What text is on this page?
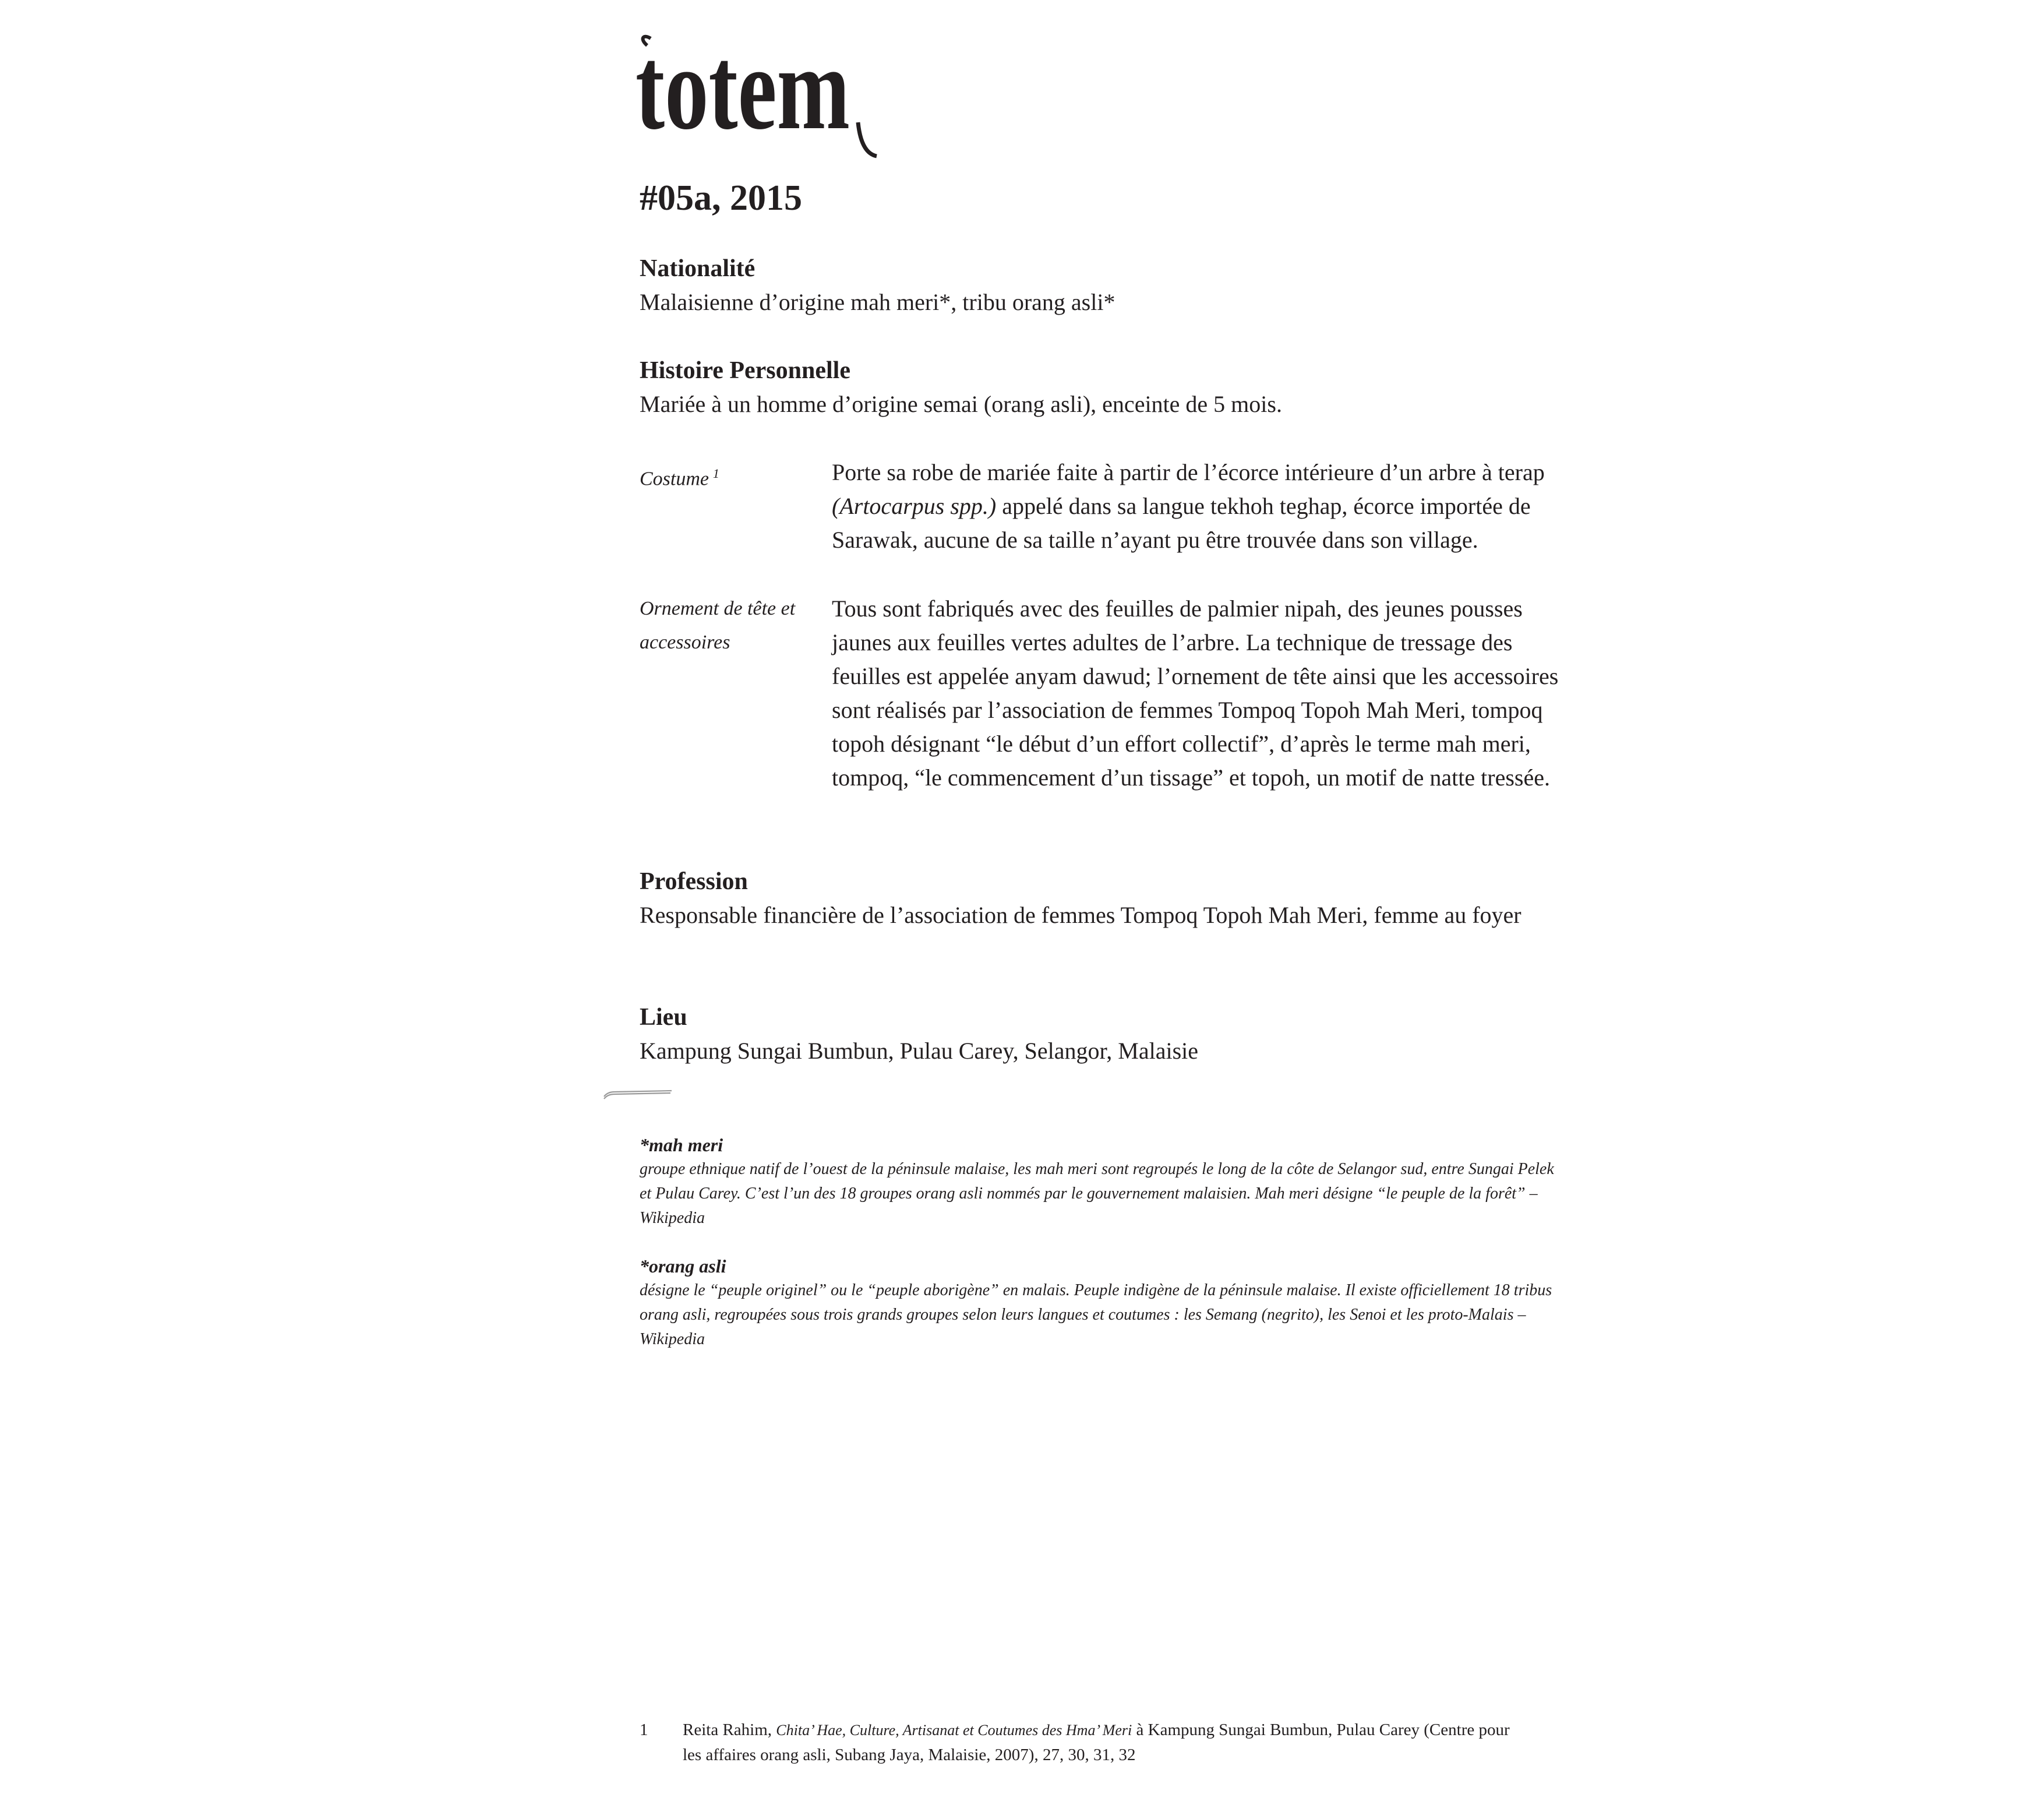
totem
#05a, 2015
Nationalité

Malaisienne d’origine mah meri*, tribu orang asli*

Histoire Personnelle

Mariée à un homme d’origine semai (orang asli), enceinte de 5 mois.

Costume  $^1$	Porte sa robe de mariée faite à partir de l’écorce intérieure d’un arbre à terap (Artocarpus spp.) appelé dans sa langue tekhoh teghap, écorce importée de Sarawak, aucune de sa taille n’ayant pu être trouvée dans son village.

Ornement de tête et accessoires

Tous sont fabriqués avec des feuilles de palmier nipah, des jeunes pousses jaunes aux feuilles vertes adultes de l’arbre. La technique de tressage des feuilles est appelée anyam dawud; l’ornement de tête ainsi que les accessoires sont réalisés par l’association de femmes Tompoq Topoh Mah Meri, tompoq topoh désignant “le début d’un effort collectif”, d’après le terme mah meri, tompoq, “le commencement d’un tissage” et topoh, un motif de natte tressée.

Profession

Responsable financière de l’association de femmes Tompoq Topoh Mah Meri, femme au foyer

Lieu

Kampung Sungai Bumbun, Pulau Carey, Selangor, Malaisie

*mah meri

groupe ethnique natif de l’ouest de la péninsule malaise, les mah meri sont regroupés le long de la côte de Selangor sud, entre Sungai Pelek et Pulau Carey. C’est l’un des 18 groupes orang asli nommés par le gouvernement malaisien. Mah meri désigne “le peuple de la forêt” – Wikipedia

*orang asli

désigne le “peuple originel” ou le “peuple aborigène” en malais. Peuple indigène de la péninsule malaise. Il existe officiellement 18 tribus orang asli, regroupées sous trois grands groupes selon leurs langues et coutumes : les Semang (negrito), les Senoi et les proto-Malais – Wikipedia

1 Reita Rahim, Chita’ Hae, Culture, Artisanat et Coutumes des Hma’ Meri à Kampung Sungai Bumbun, Pulau Carey (Centre pour les affaires orang asli, Subang Jaya, Malaisie, 2007), 27, 30, 31, 32
